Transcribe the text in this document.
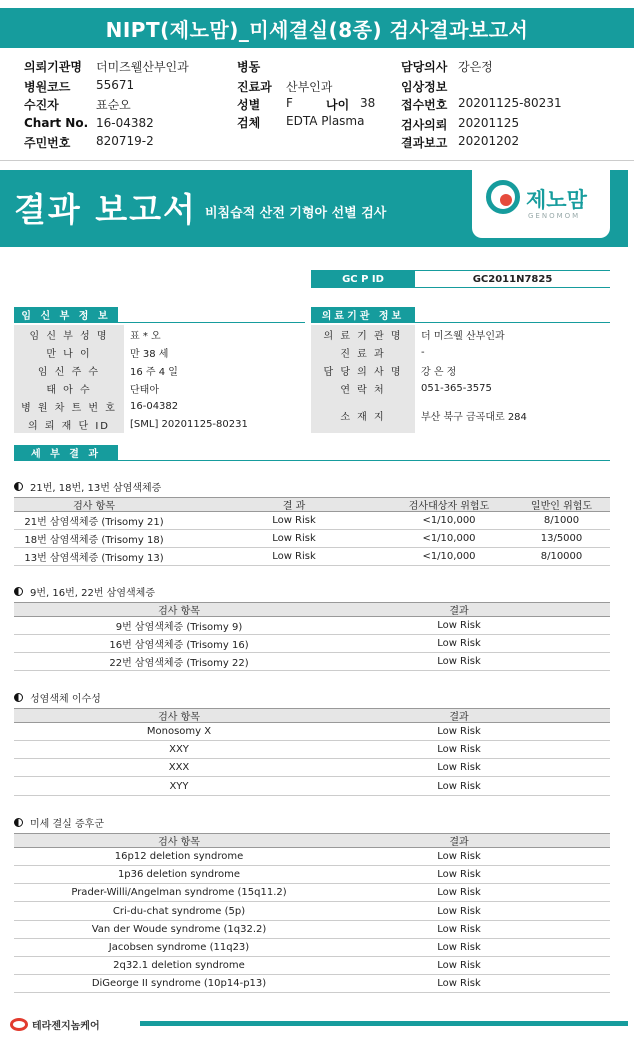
NIPT(제노맘)_미세결실(8종) 검사결과보고서
의뢰기관명 더미즈웰산부인과
병원코드 55671
수진자	표순오
Chart No. 16-04382
주민번호 820719-2
병동
진료과 산부인과
성별 F	나이 38
검체 EDTA Plasma
담당의사 강은정
임상정보
접수번호 20201125-80231
검사의뢰 20201125
결과보고 20201202
결과 보고서 비침습적 산전 기형아 선별 검사
제노맘
GENOMOM
GC P ID	GC2011N7825
임 신 부 정 보
임 신 부 성 명	표 * 오
만 나 이	만 38 세
임 신 주 수	16 주 4 일
태 아 수	단태아
병 원 차 트 번 호	16-04382
의 뢰 재 단 ID	[SML] 20201125-80231
의료기관 정보
의 료 기 관 명	더 미즈웰 산부인과
진 료 과	-
담 당 의 사 명	강 은 정
연 락 처	051-365-3575
소 재 지	부산 북구 금곡대로 284
세 부 결 과
21번, 18번, 13번 삼염색체증
검사 항목	결 과	검사대상자 위험도	일반인 위험도
21번 삼염색체증 (Trisomy 21)	Low Risk	<1/10,000	8/1000
18번 삼염색체증 (Trisomy 18)	Low Risk	<1/10,000	13/5000
13번 삼염색체증 (Trisomy 13)	Low Risk	<1/10,000	8/10000
9번, 16번, 22번 삼염색체증
검사 항목	결과
9번 삼염색체증 (Trisomy 9)	Low Risk
16번 삼염색체증 (Trisomy 16)	Low Risk
22번 삼염색체증 (Trisomy 22)	Low Risk
성염색체 이수성
검사 항목	결과
Monosomy X	Low Risk
XXY	Low Risk
XXX	Low Risk
XYY	Low Risk
미세 결실 증후군
검사 항목	결과
16p12 deletion syndrome	Low Risk
1p36 deletion syndrome	Low Risk
Prader-Willi/Angelman syndrome (15q11.2)	Low Risk
Cri-du-chat syndrome (5p)	Low Risk
Van der Woude syndrome (1q32.2)	Low Risk
Jacobsen syndrome (11q23)	Low Risk
2q32.1 deletion syndrome	Low Risk
DiGeorge II syndrome (10p14-p13)	Low Risk
테라젠지놈케어
